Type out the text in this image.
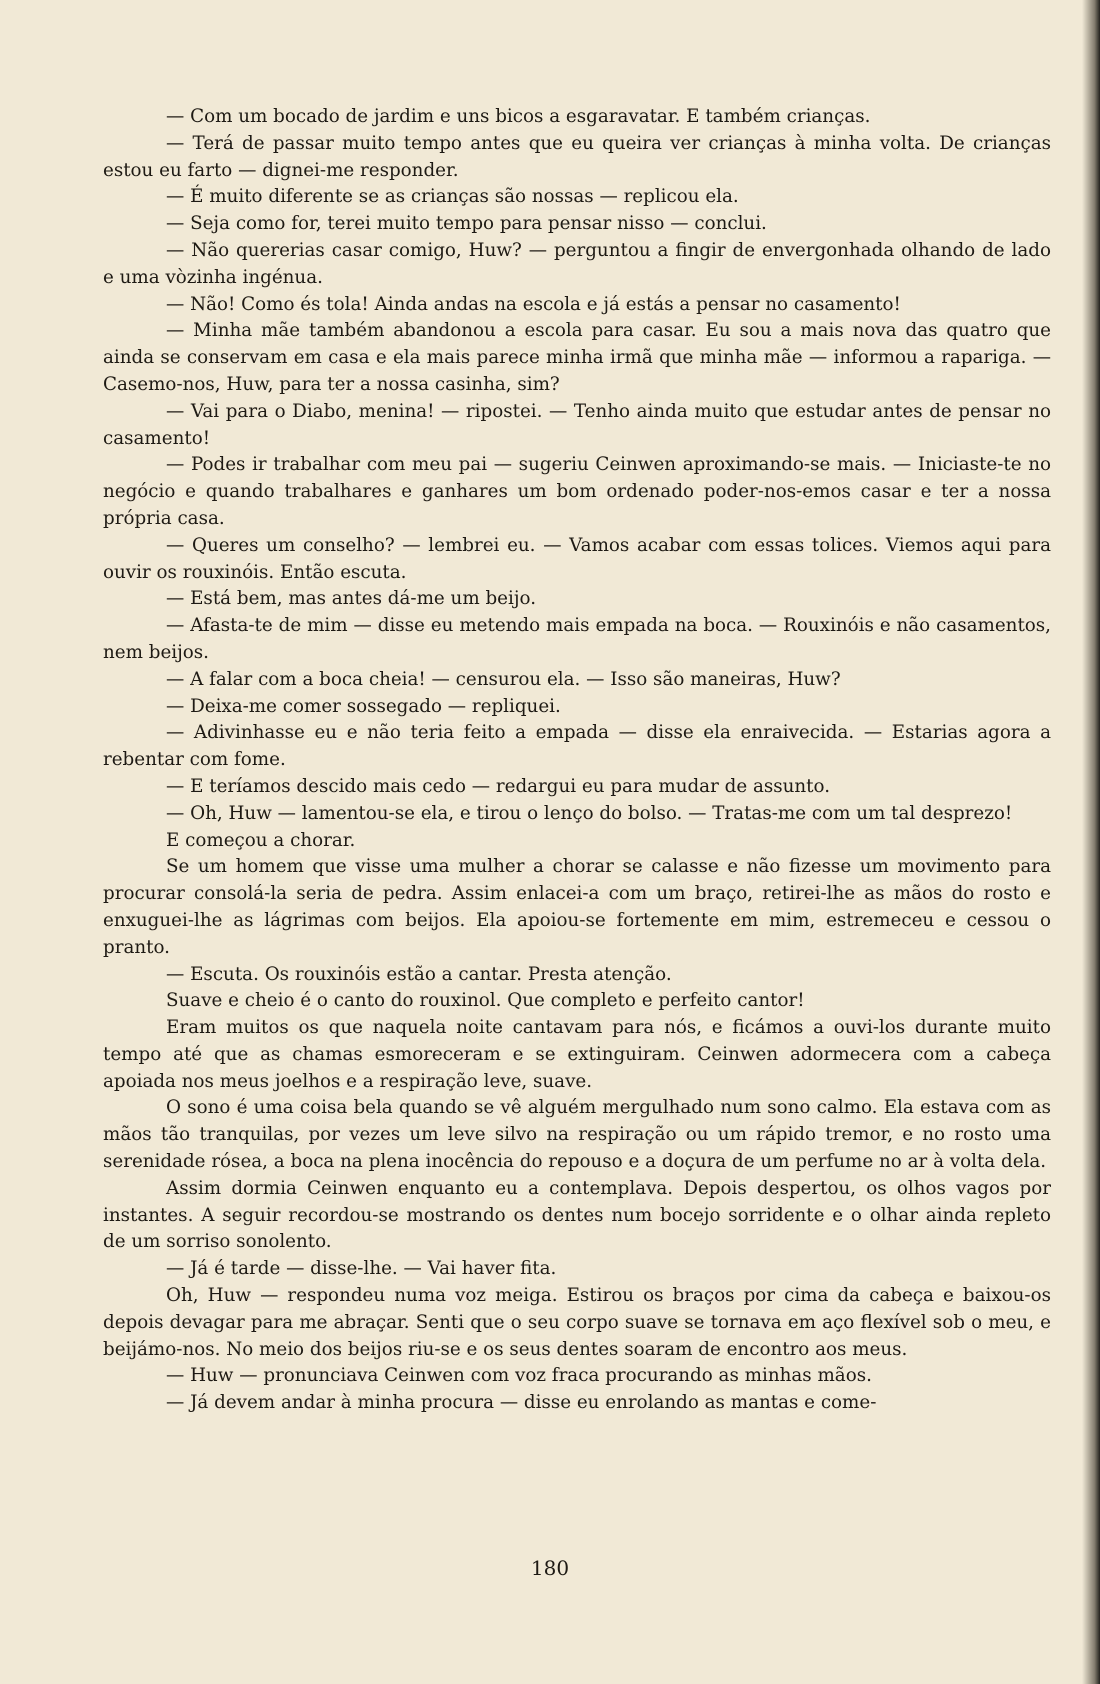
— Com um bocado de jardim e uns bicos a esgaravatar. E também crianças.

— Terá de passar muito tempo antes que eu queira ver crianças à minha volta. De crianças estou eu farto — dignei-me responder.

— É muito diferente se as crianças são nossas — replicou ela.

— Seja como for, terei muito tempo para pensar nisso — conclui.

— Não quererias casar comigo, Huw? — perguntou a fingir de envergonhada olhando de lado e uma vòzinha ingénua.

— Não! Como és tola! Ainda andas na escola e já estás a pensar no casamento!

— Minha mãe também abandonou a escola para casar. Eu sou a mais nova das quatro que ainda se conservam em casa e ela mais parece minha irmã que minha mãe — informou a rapariga. — Casemo-nos, Huw, para ter a nossa casinha, sim?

— Vai para o Diabo, menina! — ripostei. — Tenho ainda muito que estudar antes de pensar no casamento!

— Podes ir trabalhar com meu pai — sugeriu Ceinwen aproximando-se mais. — Iniciaste-te no negócio e quando trabalhares e ganhares um bom ordenado poder-nos-emos casar e ter a nossa própria casa.

— Queres um conselho? — lembrei eu. — Vamos acabar com essas tolices. Viemos aqui para ouvir os rouxinóis. Então escuta.

— Está bem, mas antes dá-me um beijo.

— Afasta-te de mim — disse eu metendo mais empada na boca. — Rouxinóis e não casamentos, nem beijos.

— A falar com a boca cheia! — censurou ela. — Isso são maneiras, Huw?

— Deixa-me comer sossegado — repliquei.

— Adivinhasse eu e não teria feito a empada — disse ela enraivecida. — Estarias agora a rebentar com fome.

— E teríamos descido mais cedo — redargui eu para mudar de assunto.

— Oh, Huw — lamentou-se ela, e tirou o lenço do bolso. — Tratas-me com um tal desprezo!

E começou a chorar.

Se um homem que visse uma mulher a chorar se calasse e não fizesse um movimento para procurar consolá-la seria de pedra. Assim enlacei-a com um braço, retirei-lhe as mãos do rosto e enxuguei-lhe as lágrimas com beijos. Ela apoiou-se fortemente em mim, estremeceu e cessou o pranto.

— Escuta. Os rouxinóis estão a cantar. Presta atenção.

Suave e cheio é o canto do rouxinol. Que completo e perfeito cantor!

Eram muitos os que naquela noite cantavam para nós, e ficámos a ouvi-los durante muito tempo até que as chamas esmoreceram e se extinguiram. Ceinwen adormecera com a cabeça apoiada nos meus joelhos e a respiração leve, suave.

O sono é uma coisa bela quando se vê alguém mergulhado num sono calmo. Ela estava com as mãos tão tranquilas, por vezes um leve silvo na respiração ou um rápido tremor, e no rosto uma serenidade rósea, a boca na plena inocência do repouso e a doçura de um perfume no ar à volta dela.

Assim dormia Ceinwen enquanto eu a contemplava. Depois despertou, os olhos vagos por instantes. A seguir recordou-se mostrando os dentes num bocejo sorridente e o olhar ainda repleto de um sorriso sonolento.

— Já é tarde — disse-lhe. — Vai haver fita.

Oh, Huw — respondeu numa voz meiga. Estirou os braços por cima da cabeça e baixou-os depois devagar para me abraçar. Senti que o seu corpo suave se tornava em aço flexível sob o meu, e beijámo-nos. No meio dos beijos riu-se e os seus dentes soaram de encontro aos meus.

— Huw — pronunciava Ceinwen com voz fraca procurando as minhas mãos.

— Já devem andar à minha procura — disse eu enrolando as mantas e come-

180
